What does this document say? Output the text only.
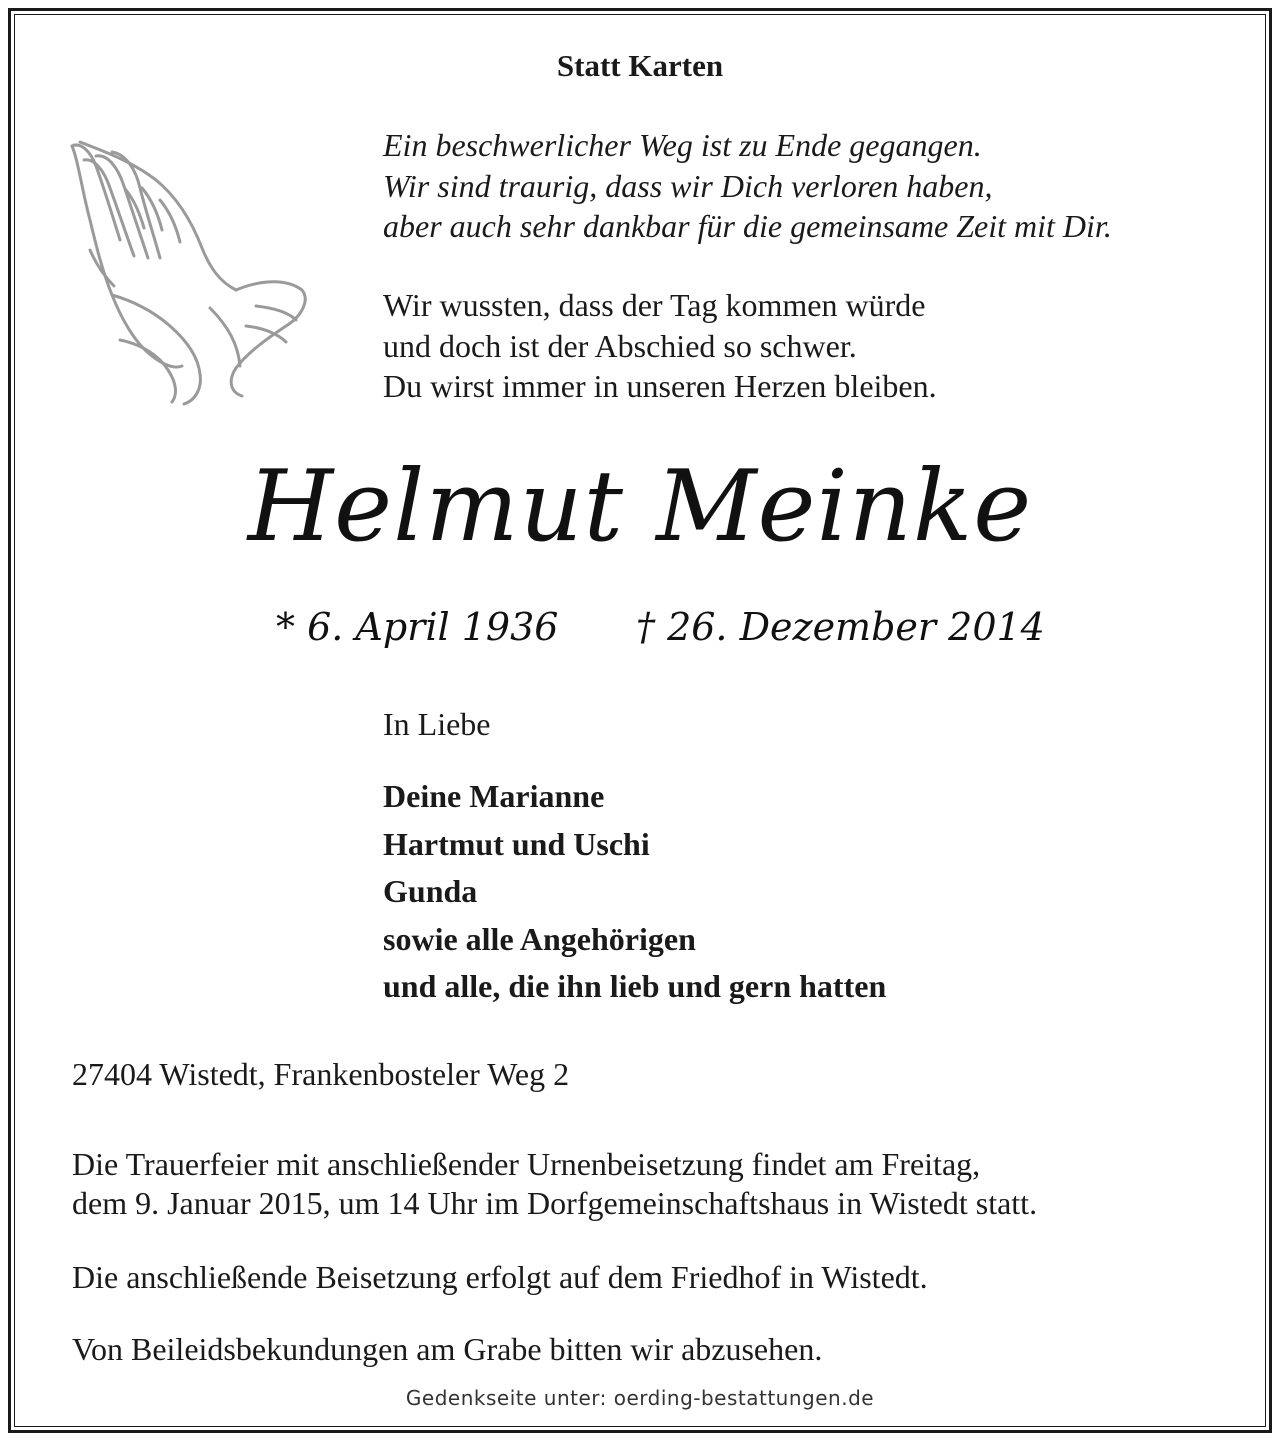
Statt Karten
Ein beschwerlicher Weg ist zu Ende gegangen.
Wir sind traurig, dass wir Dich verloren haben,
aber auch sehr dankbar für die gemeinsame Zeit mit Dir.
Wir wussten, dass der Tag kommen würde
und doch ist der Abschied so schwer.
Du wirst immer in unseren Herzen bleiben.
Helmut Meinke
* 6. April 1936 † 26. Dezember 2014
In Liebe
Deine Marianne
Hartmut und Uschi
Gunda
sowie alle Angehörigen
und alle, die ihn lieb und gern hatten
27404 Wistedt, Frankenbosteler Weg 2
Die Trauerfeier mit anschließender Urnenbeisetzung findet am Freitag,
dem 9. Januar 2015, um 14 Uhr im Dorfgemeinschaftshaus in Wistedt statt.
Die anschließende Beisetzung erfolgt auf dem Friedhof in Wistedt.
Von Beileidsbekundungen am Grabe bitten wir abzusehen.
Gedenkseite unter: oerding-bestattungen.de
